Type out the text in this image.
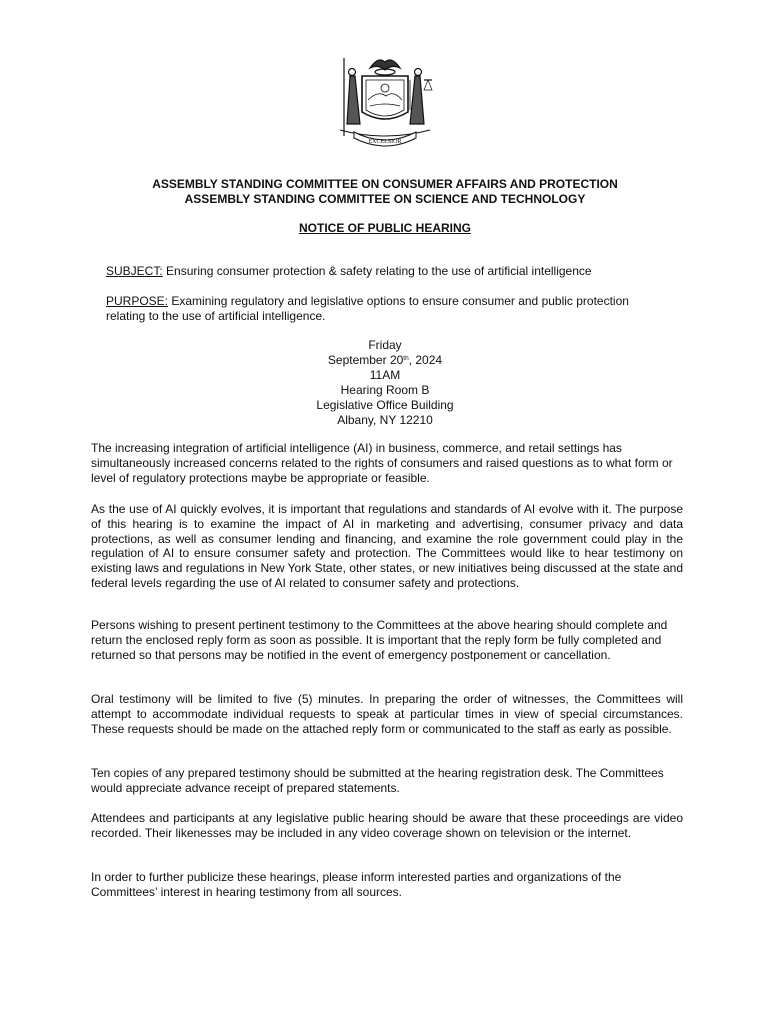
EXCELSIOR
ASSEMBLY STANDING COMMITTEE ON CONSUMER AFFAIRS AND PROTECTION
ASSEMBLY STANDING COMMITTEE ON SCIENCE AND TECHNOLOGY
NOTICE OF PUBLIC HEARING
SUBJECT: Ensuring consumer protection & safety relating to the use of artificial intelligence
PURPOSE: Examining regulatory and legislative options to ensure consumer and public protection relating to the use of artificial intelligence.
Friday
September 20th, 2024
11AM
Hearing Room B
Legislative Office Building
Albany, NY 12210
The increasing integration of artificial intelligence (AI) in business, commerce, and retail settings has simultaneously increased concerns related to the rights of consumers and raised questions as to what form or level of regulatory protections maybe be appropriate or feasible.
As the use of AI quickly evolves, it is important that regulations and standards of AI evolve with it. The purpose of this hearing is to examine the impact of AI in marketing and advertising, consumer privacy and data protections, as well as consumer lending and financing, and examine the role government could play in the regulation of AI to ensure consumer safety and protection. The Committees would like to hear testimony on existing laws and regulations in New York State, other states, or new initiatives being discussed at the state and federal levels regarding the use of AI related to consumer safety and protections.
Persons wishing to present pertinent testimony to the Committees at the above hearing should complete and return the enclosed reply form as soon as possible. It is important that the reply form be fully completed and returned so that persons may be notified in the event of emergency postponement or cancellation.
Oral testimony will be limited to five (5) minutes. In preparing the order of witnesses, the Committees will attempt to accommodate individual requests to speak at particular times in view of special circumstances. These requests should be made on the attached reply form or communicated to the staff as early as possible.
Ten copies of any prepared testimony should be submitted at the hearing registration desk. The Committees would appreciate advance receipt of prepared statements.
Attendees and participants at any legislative public hearing should be aware that these proceedings are video recorded. Their likenesses may be included in any video coverage shown on television or the internet.
In order to further publicize these hearings, please inform interested parties and organizations of the Committees’ interest in hearing testimony from all sources.
